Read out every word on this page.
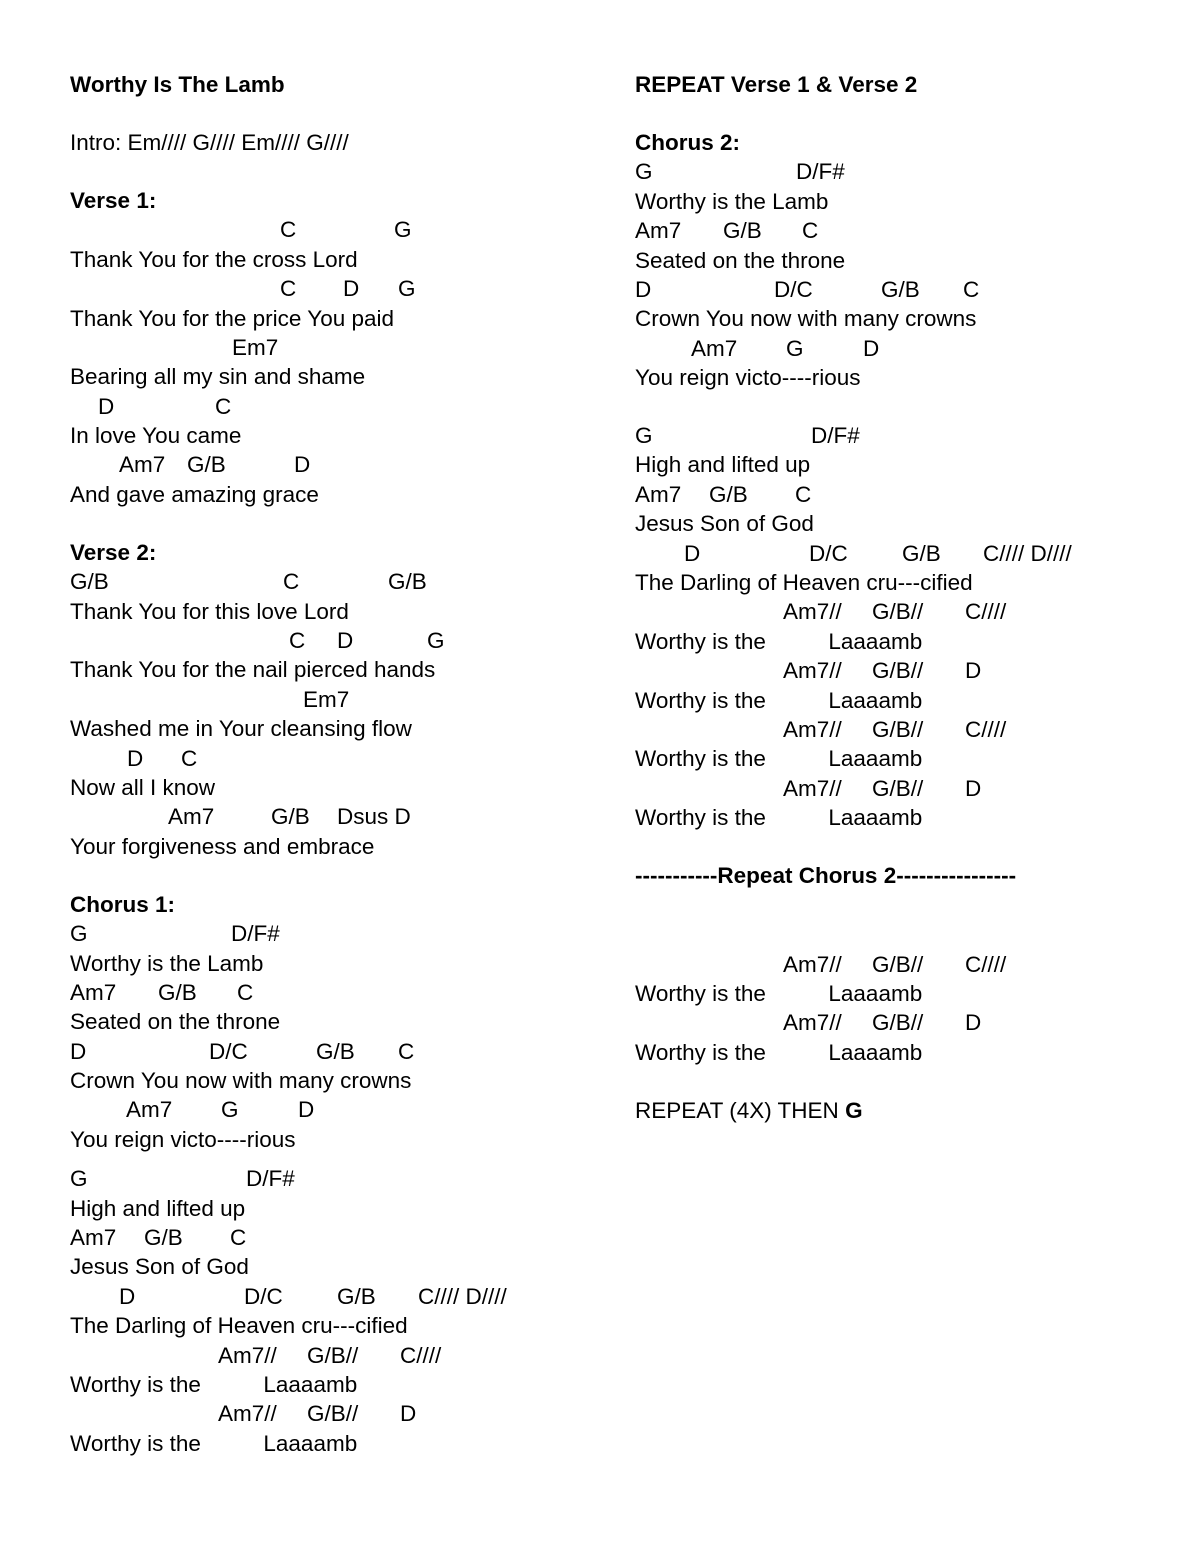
Worthy Is The Lamb
Intro: Em//// G//// Em//// G////
Verse 1:
C	G
Thank You for the cross Lord
C D G
Thank You for the price You paid
Em7
Bearing all my sin and shame
D	C
In love You came
Am7 G/B	D
And gave amazing grace
Verse 2:
G/B	C	G/B
Thank You for this love Lord
C D	G
Thank You for the nail pierced hands
Em7
Washed me in Your cleansing flow
D C
Now all I know
Am7	G/B Dsus D
Your forgiveness and embrace
Chorus 1:
G	D/F#
Worthy is the Lamb
Am7 G/B C
Seated on the throne
D	D/C	G/B C
Crown You now with many crowns
Am7 G	D
You reign victo----rious
G	D/F#
High and lifted up
Am7 G/B C
Jesus Son of God
D	D/C G/B C//// D////
The Darling of Heaven cru---cified
Am7// G/B// C////
Worthy is the          Laaaamb
Am7// G/B// D
Worthy is the          Laaaamb
REPEAT Verse 1 & Verse 2
Chorus 2:
G	D/F#
Worthy is the Lamb
Am7 G/B C
Seated on the throne
D	D/C	G/B C
Crown You now with many crowns
Am7 G	D
You reign victo----rious
G	D/F#
High and lifted up
Am7 G/B C
Jesus Son of God
D	D/C G/B C//// D////
The Darling of Heaven cru---cified
Am7// G/B// C////
Worthy is the          Laaaamb
Am7// G/B// D
Worthy is the          Laaaamb
Am7// G/B// C////
Worthy is the          Laaaamb
Am7// G/B// D
Worthy is the          Laaaamb
-----------Repeat Chorus 2----------------
Am7// G/B// C////
Worthy is the          Laaaamb
Am7// G/B// D
Worthy is the          Laaaamb
REPEAT (4X) THEN G
